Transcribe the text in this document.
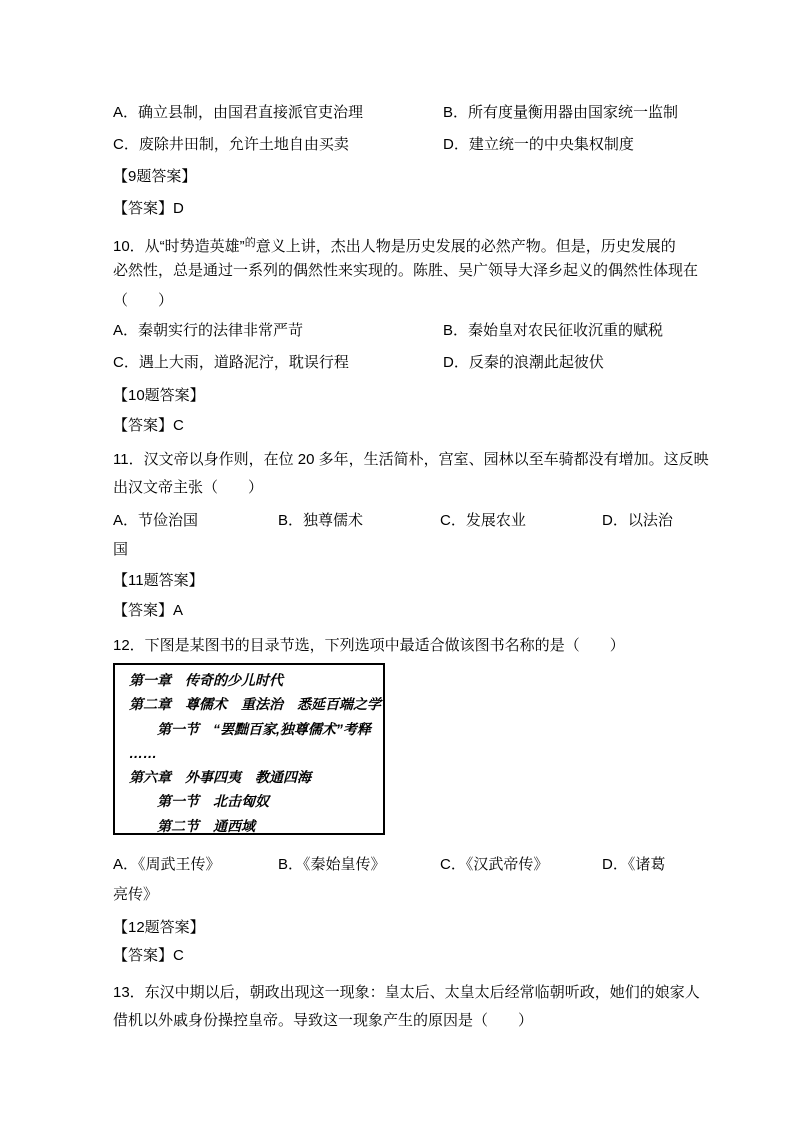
A．确立县制，由国君直接派官吏治理	B．所有度量衡用器由国家统一监制
C．废除井田制，允许土地自由买卖	D．建立统一的中央集权制度
【9题答案】
【答案】D
10．从“时势造英雄”$^的$意义上讲，杰出人物是历史发展的必然产物。但是，历史发展的
必然性，总是通过一系列的偶然性来实现的。陈胜、吴广领导大泽乡起义的偶然性体现在
（　　）
A．秦朝实行的法律非常严苛	B．秦始皇对农民征收沉重的赋税
C．遇上大雨，道路泥泞，耽误行程	D．反秦的浪潮此起彼伏
【10题答案】
【答案】C
11．汉文帝以身作则，在位 20 多年，生活简朴，宫室、园林以至车骑都没有增加。这反映
出汉文帝主张（　　）
A．节俭治国	B．独尊儒术	C．发展农业	D．以法治
国
【11题答案】
【答案】A
12．下图是某图书的目录节选，下列选项中最适合做该图书名称的是（　　）
第一章　传奇的少儿时代
第二章　尊儒术　重法治　悉延百端之学
第一节　“罢黜百家,独尊儒术”考释
……
第六章　外事四夷　教通四海
第一节　北击匈奴
第二节　通西域
A．《周武王传》	B．《秦始皇传》	C．《汉武帝传》	D．《诸葛
亮传》
【12题答案】
【答案】C
13．东汉中期以后，朝政出现这一现象：皇太后、太皇太后经常临朝听政，她们的娘家人
借机以外戚身份操控皇帝。导致这一现象产生的原因是（　　）
